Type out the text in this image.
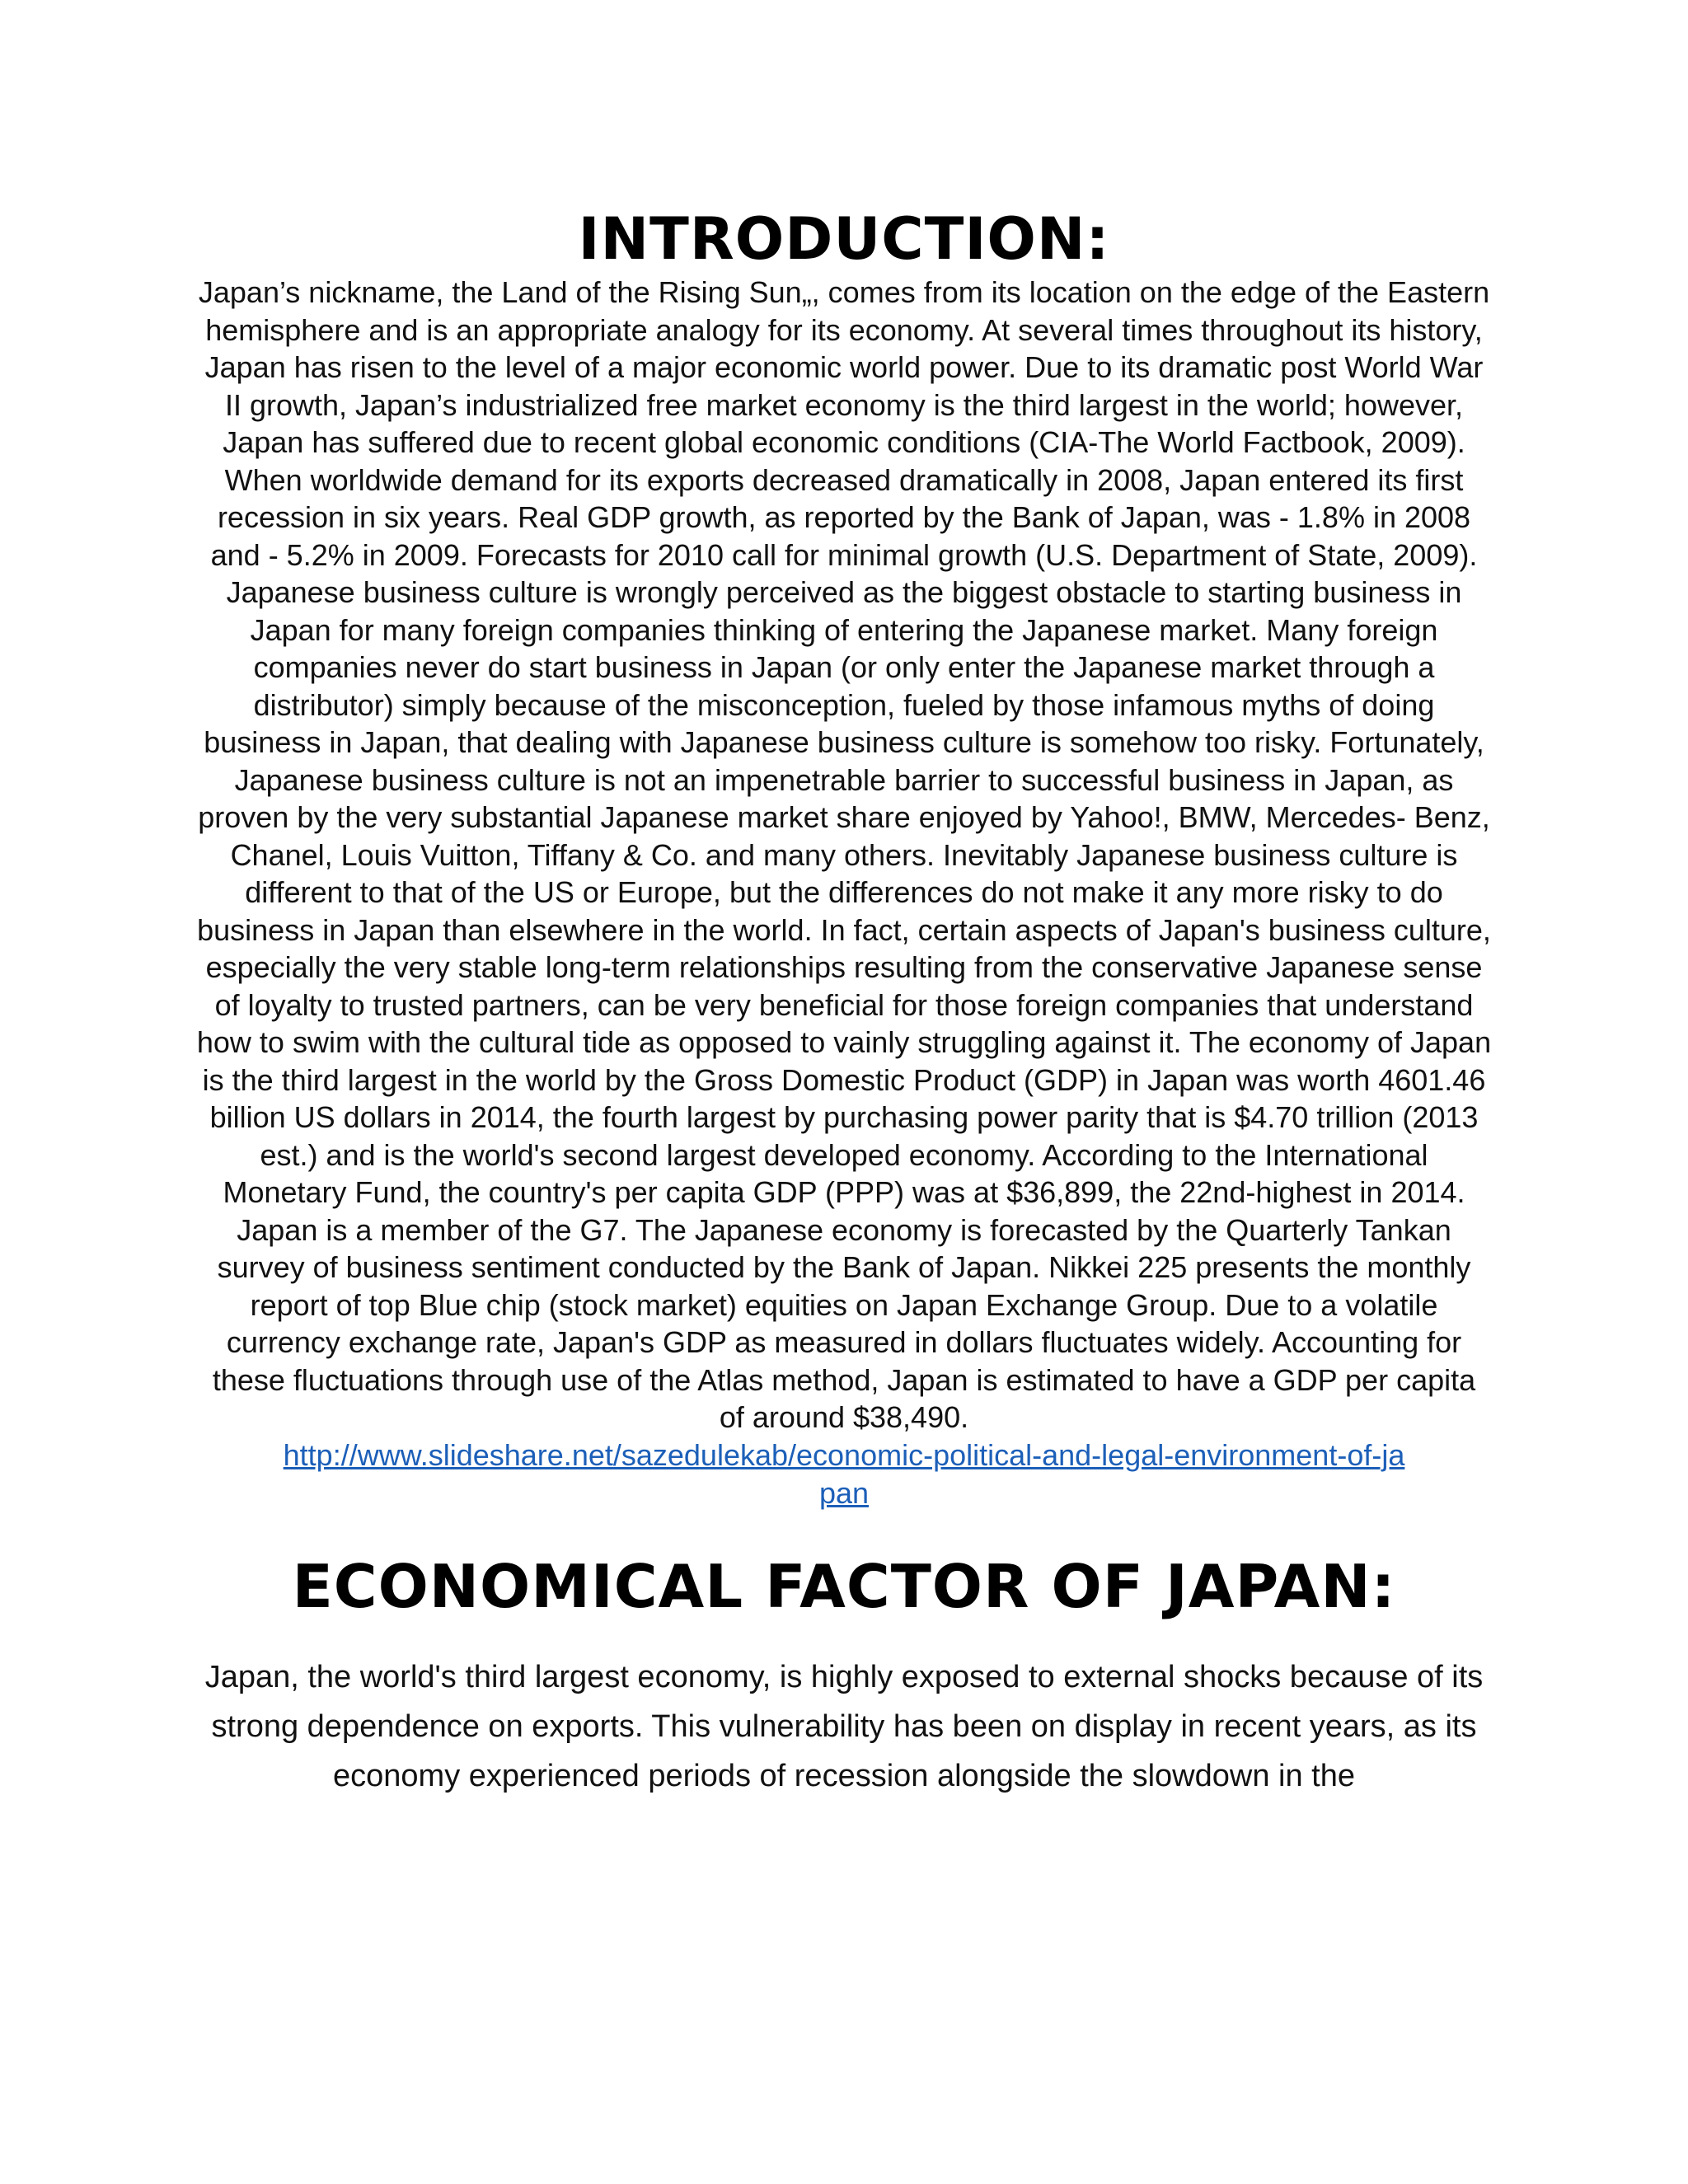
INTRODUCTION:

Japan’s nickname, the Land of the Rising Sun„, comes from its location on the edge of the Eastern hemisphere and is an appropriate analogy for its economy. At several times throughout its history, Japan has risen to the level of a major economic world power. Due to its dramatic post World War II growth, Japan’s industrialized free market economy is the third largest in the world; however, Japan has suffered due to recent global economic conditions (CIA-The World Factbook, 2009). When worldwide demand for its exports decreased dramatically in 2008, Japan entered its first recession in six years. Real GDP growth, as reported by the Bank of Japan, was - 1.8% in 2008 and - 5.2% in 2009. Forecasts for 2010 call for minimal growth (U.S. Department of State, 2009). Japanese business culture is wrongly perceived as the biggest obstacle to starting business in Japan for many foreign companies thinking of entering the Japanese market. Many foreign companies never do start business in Japan (or only enter the Japanese market through a distributor) simply because of the misconception, fueled by those infamous myths of doing business in Japan, that dealing with Japanese business culture is somehow too risky. Fortunately, Japanese business culture is not an impenetrable barrier to successful business in Japan, as proven by the very substantial Japanese market share enjoyed by Yahoo!, BMW, Mercedes- Benz, Chanel, Louis Vuitton, Tiffany & Co. and many others. Inevitably Japanese business culture is different to that of the US or Europe, but the differences do not make it any more risky to do business in Japan than elsewhere in the world. In fact, certain aspects of Japan's business culture, especially the very stable long-term relationships resulting from the conservative Japanese sense of loyalty to trusted partners, can be very beneficial for those foreign companies that understand how to swim with the cultural tide as opposed to vainly struggling against it. The economy of Japan is the third largest in the world by the Gross Domestic Product (GDP) in Japan was worth 4601.46 billion US dollars in 2014, the fourth largest by purchasing power parity that is $4.70 trillion (2013 est.) and is the world's second largest developed economy. According to the International Monetary Fund, the country's per capita GDP (PPP) was at $36,899, the 22nd-highest in 2014. Japan is a member of the G7. The Japanese economy is forecasted by the Quarterly Tankan survey of business sentiment conducted by the Bank of Japan. Nikkei 225 presents the monthly report of top Blue chip (stock market) equities on Japan Exchange Group. Due to a volatile currency exchange rate, Japan's GDP as measured in dollars fluctuates widely. Accounting for these fluctuations through use of the Atlas method, Japan is estimated to have a GDP per capita of around $38,490.

http://www.slideshare.net/sazedulekab/economic-political-and-legal-environment-of-japan
ECONOMICAL FACTOR OF JAPAN:

Japan, the world's third largest economy, is highly exposed to external shocks because of its strong dependence on exports. This vulnerability has been on display in recent years, as its economy experienced periods of recession alongside the slowdown in the
